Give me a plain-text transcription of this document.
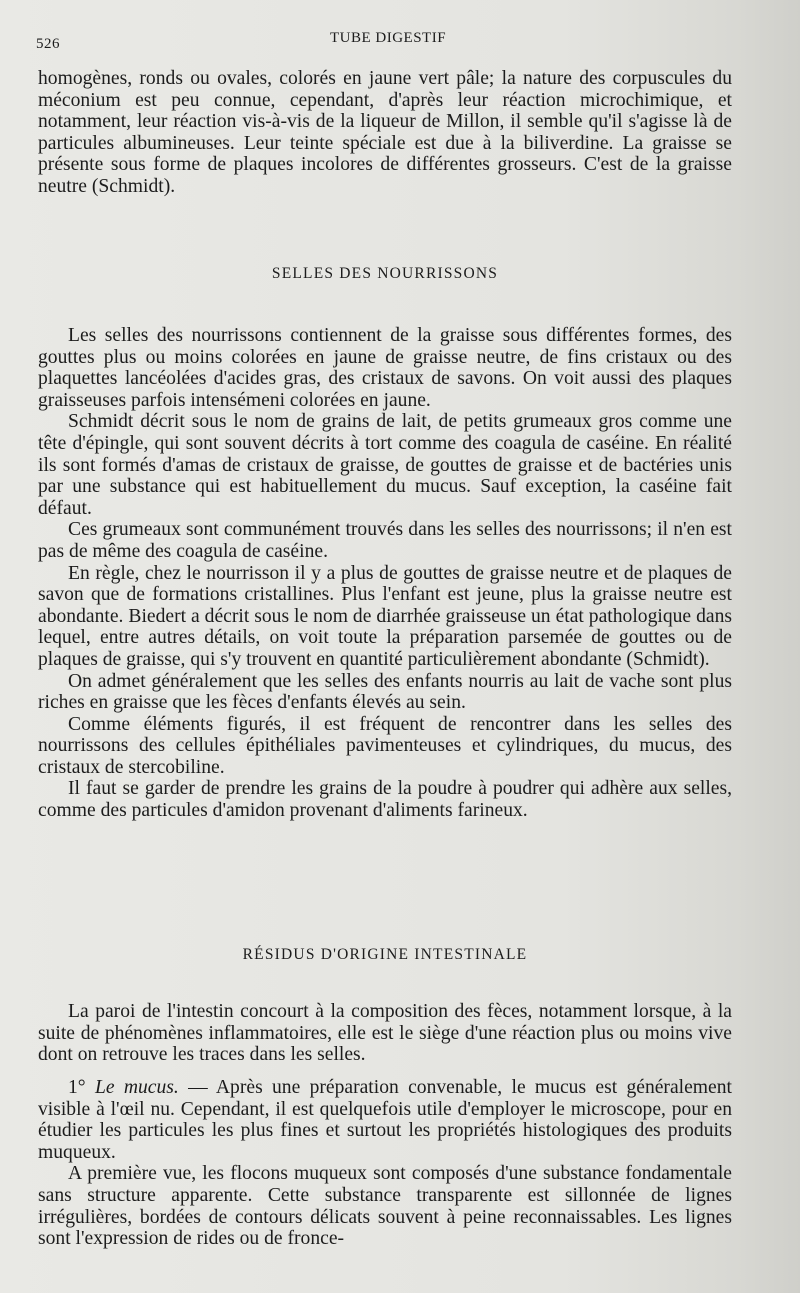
526	TUBE DIGESTIF

homogènes, ronds ou ovales, colorés en jaune vert pâle; la nature des corpuscules du méconium est peu connue, cependant, d'après leur réaction microchimique, et notamment, leur réaction vis-à-vis de la liqueur de Millon, il semble qu'il s'agisse là de particules albumineuses. Leur teinte spéciale est due à la biliverdine. La graisse se présente sous forme de plaques incolores de différentes grosseurs. C'est de la graisse neutre (Schmidt).

SELLES DES NOURRISSONS

Les selles des nourrissons contiennent de la graisse sous différentes formes, des gouttes plus ou moins colorées en jaune de graisse neutre, de fins cristaux ou des plaquettes lancéolées d'acides gras, des cristaux de savons. On voit aussi des plaques graisseuses parfois intensémeni colorées en jaune.

Schmidt décrit sous le nom de grains de lait, de petits grumeaux gros comme une tête d'épingle, qui sont souvent décrits à tort comme des coagula de caséine. En réalité ils sont formés d'amas de cristaux de graisse, de gouttes de graisse et de bactéries unis par une substance qui est habituellement du mucus. Sauf exception, la caséine fait défaut.

Ces grumeaux sont communément trouvés dans les selles des nourrissons; il n'en est pas de même des coagula de caséine.

En règle, chez le nourrisson il y a plus de gouttes de graisse neutre et de plaques de savon que de formations cristallines. Plus l'enfant est jeune, plus la graisse neutre est abondante. Biedert a décrit sous le nom de diarrhée graisseuse un état pathologique dans lequel, entre autres détails, on voit toute la préparation parsemée de gouttes ou de plaques de graisse, qui s'y trouvent en quantité particulièrement abondante (Schmidt).

On admet généralement que les selles des enfants nourris au lait de vache sont plus riches en graisse que les fèces d'enfants élevés au sein.

Comme éléments figurés, il est fréquent de rencontrer dans les selles des nourrissons des cellules épithéliales pavimenteuses et cylindriques, du mucus, des cristaux de stercobiline.

Il faut se garder de prendre les grains de la poudre à poudrer qui adhère aux selles, comme des particules d'amidon provenant d'aliments farineux.

RÉSIDUS D'ORIGINE INTESTINALE

La paroi de l'intestin concourt à la composition des fèces, notamment lorsque, à la suite de phénomènes inflammatoires, elle est le siège d'une réaction plus ou moins vive dont on retrouve les traces dans les selles.

1° Le mucus. — Après une préparation convenable, le mucus est généralement visible à l'œil nu. Cependant, il est quelquefois utile d'employer le microscope, pour en étudier les particules les plus fines et surtout les propriétés histologiques des produits muqueux.

A première vue, les flocons muqueux sont composés d'une substance fondamentale sans structure apparente. Cette substance transparente est sillonnée de lignes irrégulières, bordées de contours délicats souvent à peine reconnaissables. Les lignes sont l'expression de rides ou de fronce-
